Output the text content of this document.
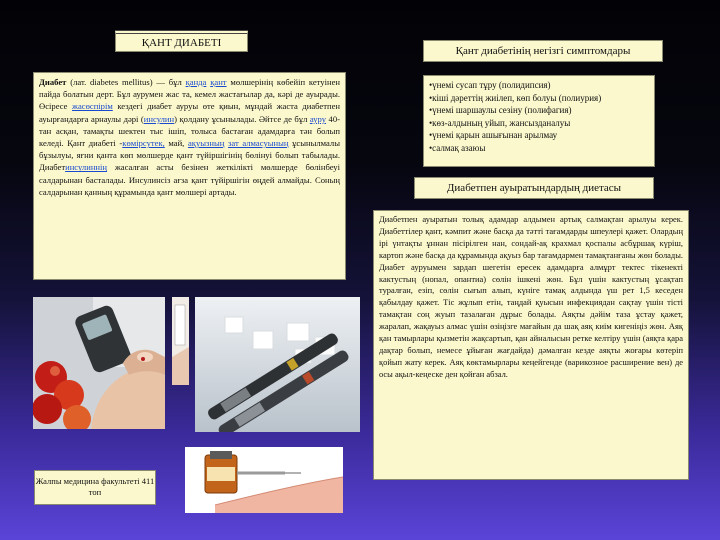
ҚАНТ ДИАБЕТІ
Диабет (лат. diabetes mellitus) — бұл қанда қант мөлшерінің көбейіп кетуінен пайда болатын дерт. Бұл аурумен жас та, кемел жастағылар да, кәрі де ауырады. Өсіресе жасөспірім кездегі диабет ауруы өте қиын, мұндай жаста диабетпен ауырғандарға арнаулы дәрі (инсулин) қолдану ұсынылады. Әйтсе де бұл ауру 40-тан асқан, тамақты шектен тыс ішіп, толыса бастаған адамдарға тән болып келеді. Қант диабеті -көмірсутек, май, ақуызның зат алмасуының ұсынылмалы бұзылуы, яғни қанта көп мөлшерде қант түйіршігінің бөлінуі болып табылады. Диабетинсулиннің жасалған асты безінен жеткілікті мөлшерде бөлінбеуі салдарынан басталады. Инсулинсіз ағза қант түйіршігін өңдей алмайды. Соның салдарынан қанның құрамында қант мөлшері артады.
Қант диабетінің негізгі симптомдары
•үнемі сусап тұру (полидипсия)
•кіші дәреттің жиілеп, көп болуы (полиурия)
•үнемі шаршаулы сезіну (полифагия)
•көз-алдының уйып, жансызданалуы
•үнемі қарын ашығынан арылмау
•салмақ азаюы
Диабетпен ауыратындардың диетасы
Диабетпен ауыратын толық адамдар алдымен артық салмақтан арылуы керек. Диабеттілер қант, кәмпит және басқа да тәтті тағамдарды шпеулері қажет. Олардың ірі үнтақты ұннан пісірілген нан, сондай-ақ крахмал қоспалы асбұршақ күріш, картоп және басқа да құрамында ақуыз бар тағамдармен тамақтанғаны жөн болады. Диабет ауруымен зардап шегетін ересек адамдарға алмұрт тектес тікенекті кактустың (нопал, опантиа) сөлін ішкені жөн. Бұл үшін кактустың ұсақтап туралған, езіп, сөлін сығып алып, күніге тамақ алдында үш рет 1,5 кеседен қабылдау қажет. Тіс жұлып етін, таңдай қуысын инфекциядан сақтау үшін тісті тамақтан соң жуып тазалаған дұрыс болады. Аяқты дәйім таза ұстау қажет, жаралап, жақауыз алмас үшін өзіңізге мағайын да шақ аяқ киім кигеніңіз жөн. Аяқ қан тамырлары қызметін жақсартып, қан айналысын ретке келтіру үшін (аяқта қара дақтар болып, немесе ұйыған жағдайда) дәмалған кезде аяқты жоғары көтеріп қойып жату керек. Аяқ көктамырлары кеңейгенде (варикозное расширение вен) де осы ақыл-кеңеске ден қойған абзал.
Жалпы медицина факультеті 411 топ
